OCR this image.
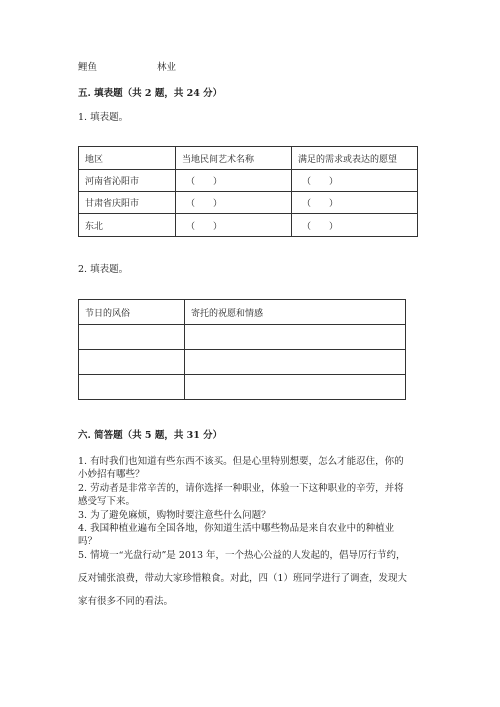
鲤鱼	林业
五. 填表题（共 2 题，共 24 分）
1. 填表题。
地区	当地民间艺术名称	满足的需求或表达的愿望
河南省沁阳市	（　　）	（　　）
甘肃省庆阳市	（　　）	（　　）
东北	（　　）	（　　）
2. 填表题。
节日的风俗	寄托的祝愿和情感

六. 简答题（共 5 题，共 31 分）
1. 有时我们也知道有些东西不该买。但是心里特别想要，怎么才能忍住，你的
小妙招有哪些？
2. 劳动者是非常辛苦的，请你选择一种职业，体验一下这种职业的辛劳，并将
感受写下来。
3. 为了避免麻烦，购物时要注意些什么问题？
4. 我国种植业遍布全国各地，你知道生活中哪些物品是来自农业中的种植业
吗？
5. 情境一“光盘行动”是 2013 年，一个热心公益的人发起的，倡导厉行节约，
反对铺张浪费，带动大家珍惜粮食。对此，四（1）班同学进行了调查，发现大
家有很多不同的看法。
